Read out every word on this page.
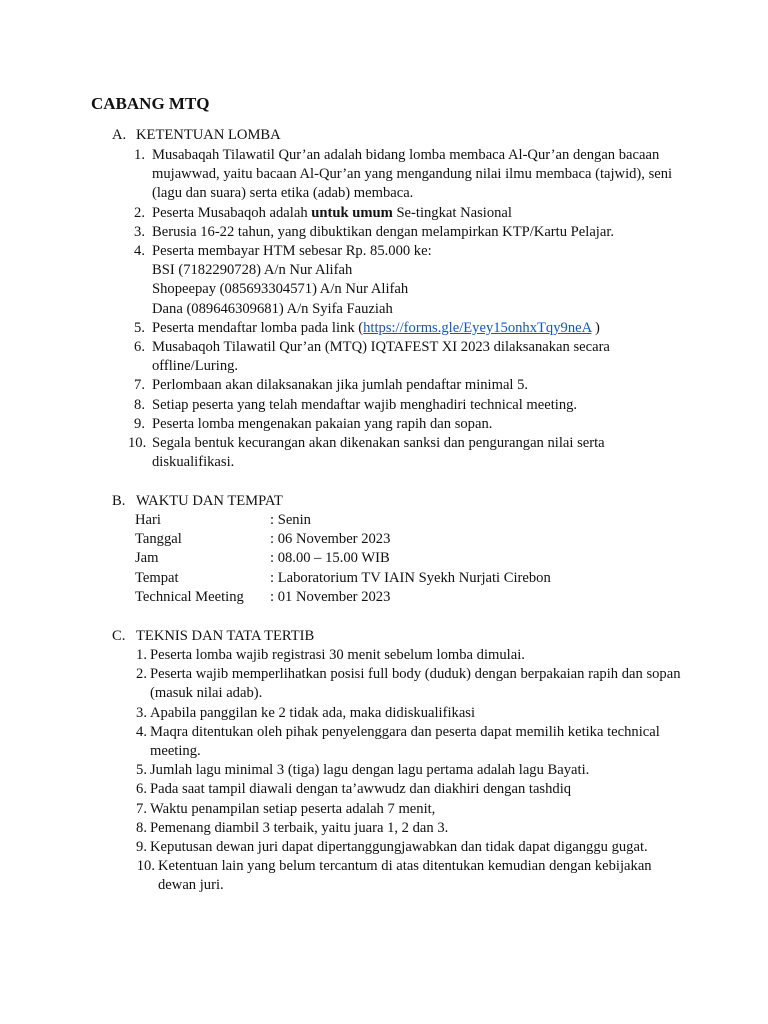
CABANG MTQ
A. KETENTUAN LOMBA
1. Musabaqah Tilawatil Qur’an adalah bidang lomba membaca Al-Qur’an dengan bacaan mujawwad, yaitu bacaan Al-Qur’an yang mengandung nilai ilmu membaca (tajwid), seni (lagu dan suara) serta etika (adab) membaca.
2. Peserta Musabaqoh adalah untuk umum Se-tingkat Nasional
3. Berusia 16-22 tahun, yang dibuktikan dengan melampirkan KTP/Kartu Pelajar.
4. Peserta membayar HTM sebesar Rp. 85.000 ke:
BSI (7182290728) A/n Nur Alifah
Shopeepay (085693304571) A/n Nur Alifah
Dana (089646309681) A/n Syifa Fauziah
5. Peserta mendaftar lomba pada link (https://forms.gle/Eyey15onhxTqy9neA )
6. Musabaqoh Tilawatil Qur’an (MTQ) IQTAFEST XI 2023 dilaksanakan secara offline/Luring.
7. Perlombaan akan dilaksanakan jika jumlah pendaftar minimal 5.
8. Setiap peserta yang telah mendaftar wajib menghadiri technical meeting.
9. Peserta lomba mengenakan pakaian yang rapih dan sopan.
10. Segala bentuk kecurangan akan dikenakan sanksi dan pengurangan nilai serta diskualifikasi.
B. WAKTU DAN TEMPAT
Hari	: Senin
Tanggal	: 06 November 2023
Jam	: 08.00 – 15.00 WIB
Tempat	: Laboratorium TV IAIN Syekh Nurjati Cirebon
Technical Meeting : 01 November 2023
C. TEKNIS DAN TATA TERTIB
1. Peserta lomba wajib registrasi 30 menit sebelum lomba dimulai.
2. Peserta wajib memperlihatkan posisi full body (duduk) dengan berpakaian rapih dan sopan (masuk nilai adab).
3. Apabila panggilan ke 2 tidak ada, maka didiskualifikasi
4. Maqra ditentukan oleh pihak penyelenggara dan peserta dapat memilih ketika technical meeting.
5. Jumlah lagu minimal 3 (tiga) lagu dengan lagu pertama adalah lagu Bayati.
6. Pada saat tampil diawali dengan ta’awwudz dan diakhiri dengan tashdiq
7. Waktu penampilan setiap peserta adalah 7 menit,
8. Pemenang diambil 3 terbaik, yaitu juara 1, 2 dan 3.
9. Keputusan dewan juri dapat dipertanggungjawabkan dan tidak dapat diganggu gugat.
10. Ketentuan lain yang belum tercantum di atas ditentukan kemudian dengan kebijakan dewan juri.
